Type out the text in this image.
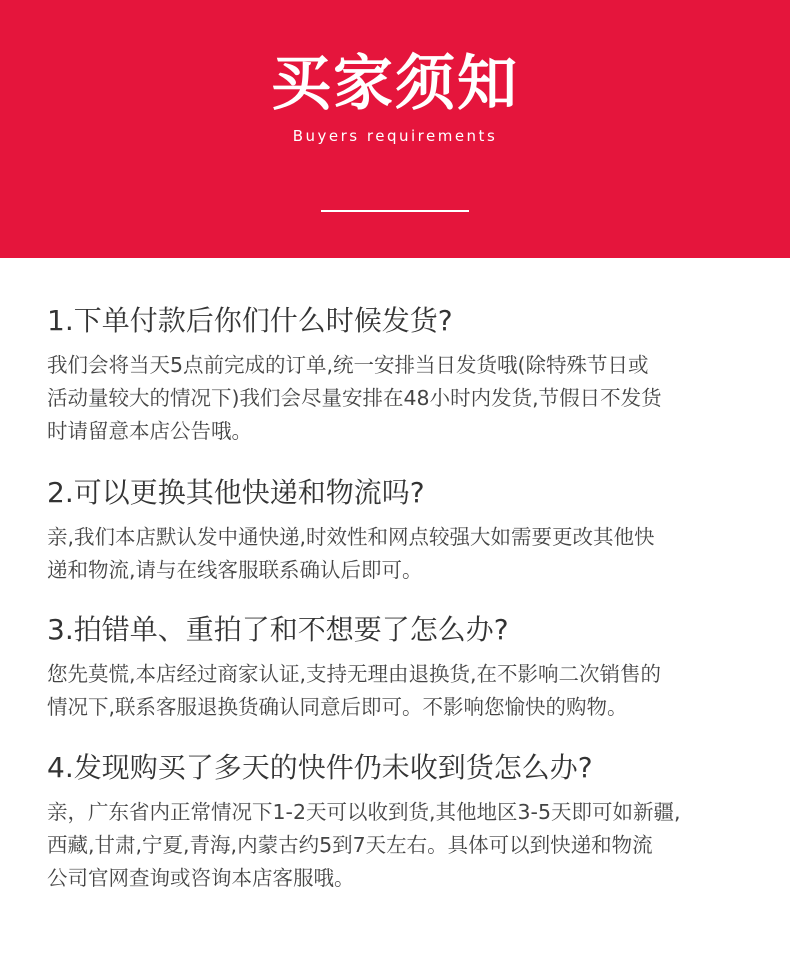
买家须知
Buyers requirements
1.下单付款后你们什么时候发货?
我们会将当天5点前完成的订单,统一安排当日发货哦(除特殊节日或
活动量较大的情况下)我们会尽量安排在48小时内发货,节假日不发货
时请留意本店公告哦。
2.可以更换其他快递和物流吗?
亲,我们本店默认发中通快递,时效性和网点较强大如需要更改其他快
递和物流,请与在线客服联系确认后即可。
3.拍错单、重拍了和不想要了怎么办?
您先莫慌,本店经过商家认证,支持无理由退换货,在不影响二次销售的
情况下,联系客服退换货确认同意后即可。不影响您愉快的购物。
4.发现购买了多天的快件仍未收到货怎么办?
亲，广东省内正常情况下1-2天可以收到货,其他地区3-5天即可如新疆,
西藏,甘肃,宁夏,青海,内蒙古约5到7天左右。具体可以到快递和物流
公司官网查询或咨询本店客服哦。
